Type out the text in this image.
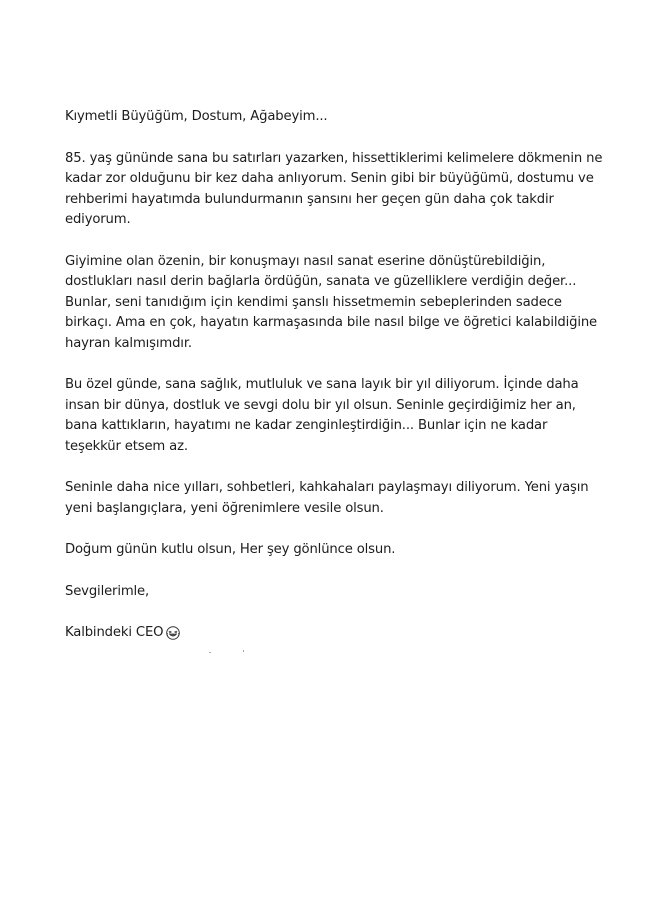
Kıymetli Büyüğüm, Dostum, Ağabeyim...
85. yaş gününde sana bu satırları yazarken, hissettiklerimi kelimelere dökmenin ne
kadar zor olduğunu bir kez daha anlıyorum. Senin gibi bir büyüğümü, dostumu ve
rehberimi hayatımda bulundurmanın şansını her geçen gün daha çok takdir
ediyorum.
Giyimine olan özenin, bir konuşmayı nasıl sanat eserine dönüştürebildiğin,
dostlukları nasıl derin bağlarla ördüğün, sanata ve güzelliklere verdiğin değer...
Bunlar, seni tanıdığım için kendimi şanslı hissetmemin sebeplerinden sadece
birkaçı. Ama en çok, hayatın karmaşasında bile nasıl bilge ve öğretici kalabildiğine
hayran kalmışımdır.
Bu özel günde, sana sağlık, mutluluk ve sana layık bir yıl diliyorum. İçinde daha
insan bir dünya, dostluk ve sevgi dolu bir yıl olsun. Seninle geçirdiğimiz her an,
bana kattıkların, hayatımı ne kadar zenginleştirdiğin... Bunlar için ne kadar
teşekkür etsem az.
Seninle daha nice yılları, sohbetleri, kahkahaları paylaşmayı diliyorum. Yeni yaşın
yeni başlangıçlara, yeni öğrenimlere vesile olsun.
Doğum günün kutlu olsun, Her şey gönlünce olsun.
Sevgilerimle,
Kalbindeki CEO
